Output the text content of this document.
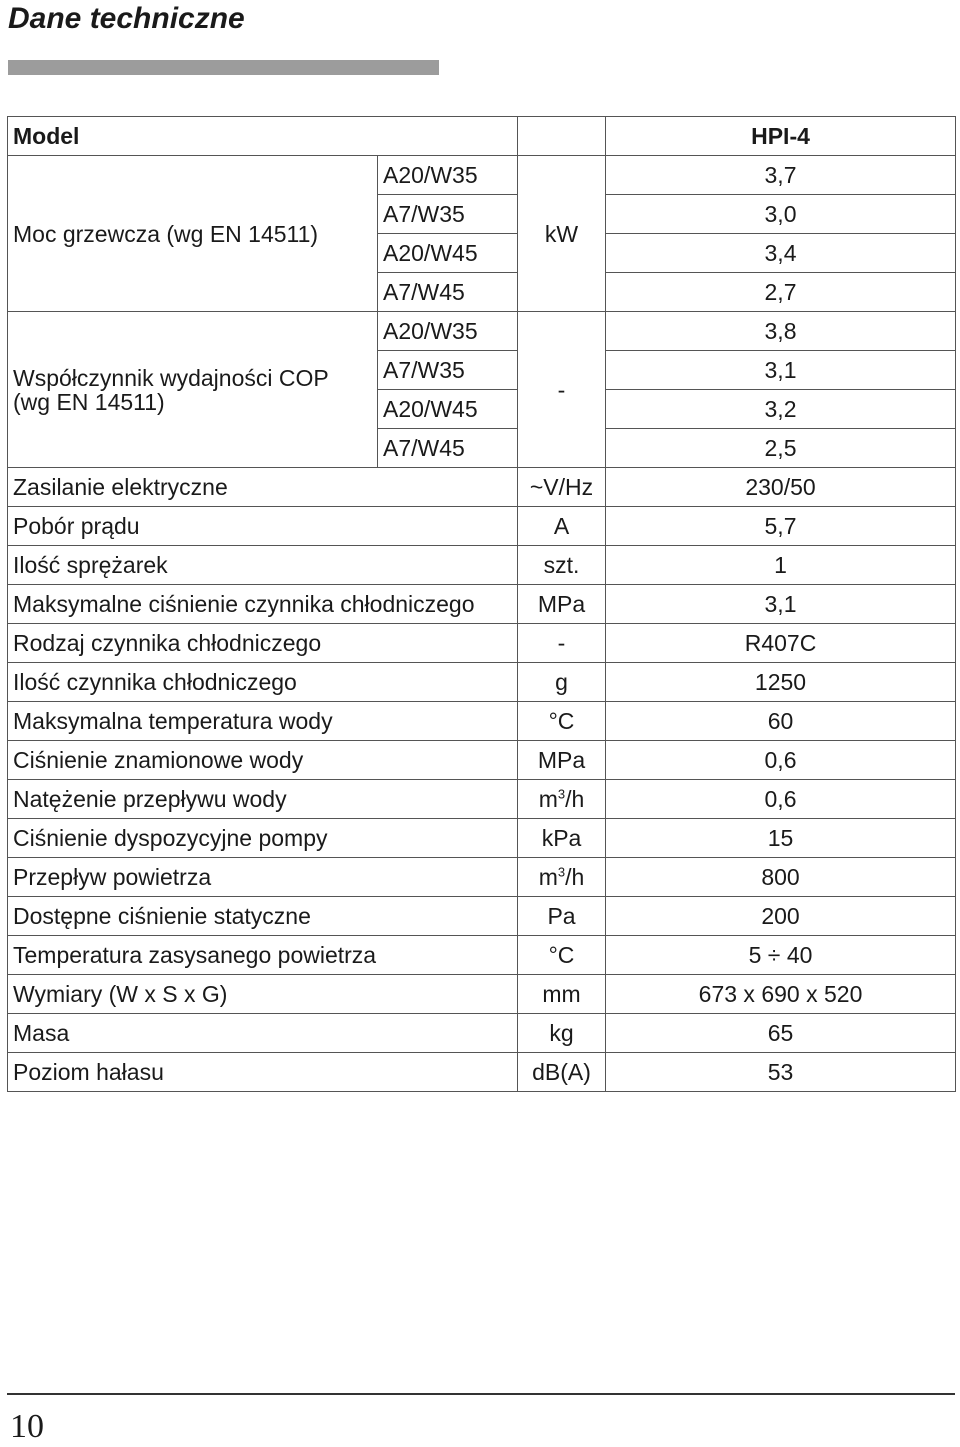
Dane techniczne
Model			HPI-4
Moc grzewcza (wg EN 14511)	A20/W35	kW	3,7
	A7/W35		3,0
	A20/W45		3,4
	A7/W45		2,7
Współczynnik wydajności COP
(wg EN 14511)	A20/W35	-	3,8
	A7/W35		3,1
	A20/W45		3,2
	A7/W45		2,5
Zasilanie elektryczne		~V/Hz	230/50
Pobór prądu		A	5,7
Ilość sprężarek		szt.	1
Maksymalne ciśnienie czynnika chłodniczego		MPa	3,1
Rodzaj czynnika chłodniczego		-	R407C
Ilość czynnika chłodniczego		g	1250
Maksymalna temperatura wody		°C	60
Ciśnienie znamionowe wody		MPa	0,6
Natężenie przepływu wody		$m^3/h$	0,6
Ciśnienie dyspozycyjne pompy		kPa	15
Przepływ powietrza		$m^3/h$	800
Dostępne ciśnienie statyczne		Pa	200
Temperatura zasysanego powietrza		°C	5 ÷ 40
Wymiary (W x S x G)		mm	673 x 690 x 520
Masa		kg	65
Poziom hałasu		dB(A)	53
10
